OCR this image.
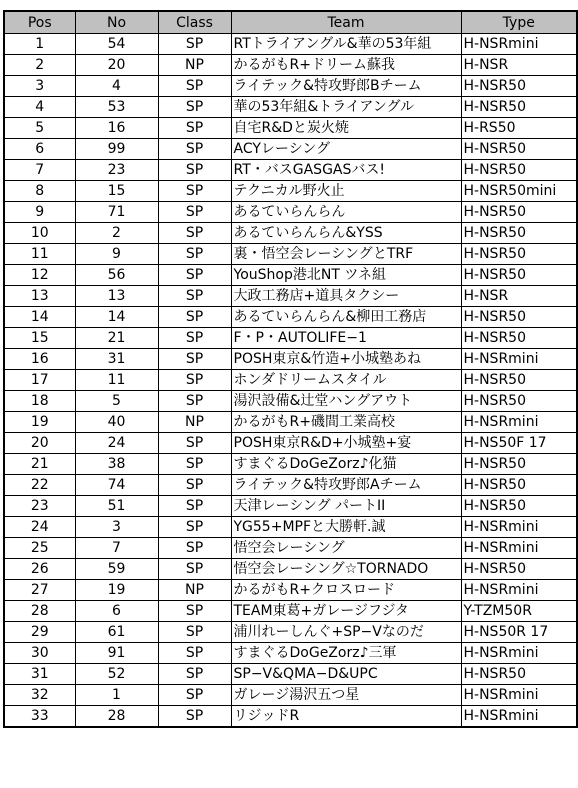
Pos	No	Class	Team	Type
1	54	SP	RTトライアングル&華の53年組	H-NSRmini
2	20	NP	かるがもR+ドリーム蘇我	H-NSR
3	4	SP	ライテック&特攻野郎Bチーム	H-NSR50
4	53	SP	華の53年組&トライアングル	H-NSR50
5	16	SP	自宅R&Dと炭火焼	H-RS50
6	99	SP	ACYレーシング	H-NSR50
7	23	SP	RT・バスGASGASバス!	H-NSR50
8	15	SP	テクニカル野火止	H-NSR50mini
9	71	SP	あるていらんらん	H-NSR50
10	2	SP	あるていらんらん&YSS	H-NSR50
11	9	SP	裏・悟空会レーシングとTRF	H-NSR50
12	56	SP	YouShop港北NT ツネ組	H-NSR50
13	13	SP	大政工務店+道具タクシー	H-NSR
14	14	SP	あるていらんらん&柳田工務店	H-NSR50
15	21	SP	F・P・AUTOLIFE−1	H-NSR50
16	31	SP	POSH東京&竹造+小城塾あね	H-NSRmini
17	11	SP	ホンダドリームスタイル	H-NSR50
18	5	SP	湯沢設備&辻堂ハングアウト	H-NSR50
19	40	NP	かるがもR+磯間工業高校	H-NSRmini
20	24	SP	POSH東京R&D+小城塾+宴	H-NS50F 17
21	38	SP	すまぐるDoGeZorz♪化猫	H-NSR50
22	74	SP	ライテック&特攻野郎Aチーム	H-NSR50
23	51	SP	天津レーシング パートII	H-NSR50
24	3	SP	YG55+MPFと大勝軒.誠	H-NSRmini
25	7	SP	悟空会レーシング	H-NSRmini
26	59	SP	悟空会レーシング☆TORNADO	H-NSR50
27	19	NP	かるがもR+クロスロード	H-NSRmini
28	6	SP	TEAM東葛+ガレージフジタ	Y-TZM50R
29	61	SP	浦川れーしんぐ+SP−Vなのだ	H-NS50R 17
30	91	SP	すまぐるDoGeZorz♪三軍	H-NSRmini
31	52	SP	SP−V&QMA−D&UPC	H-NSR50
32	1	SP	ガレージ湯沢五つ星	H-NSRmini
33	28	SP	リジッドR	H-NSRmini
